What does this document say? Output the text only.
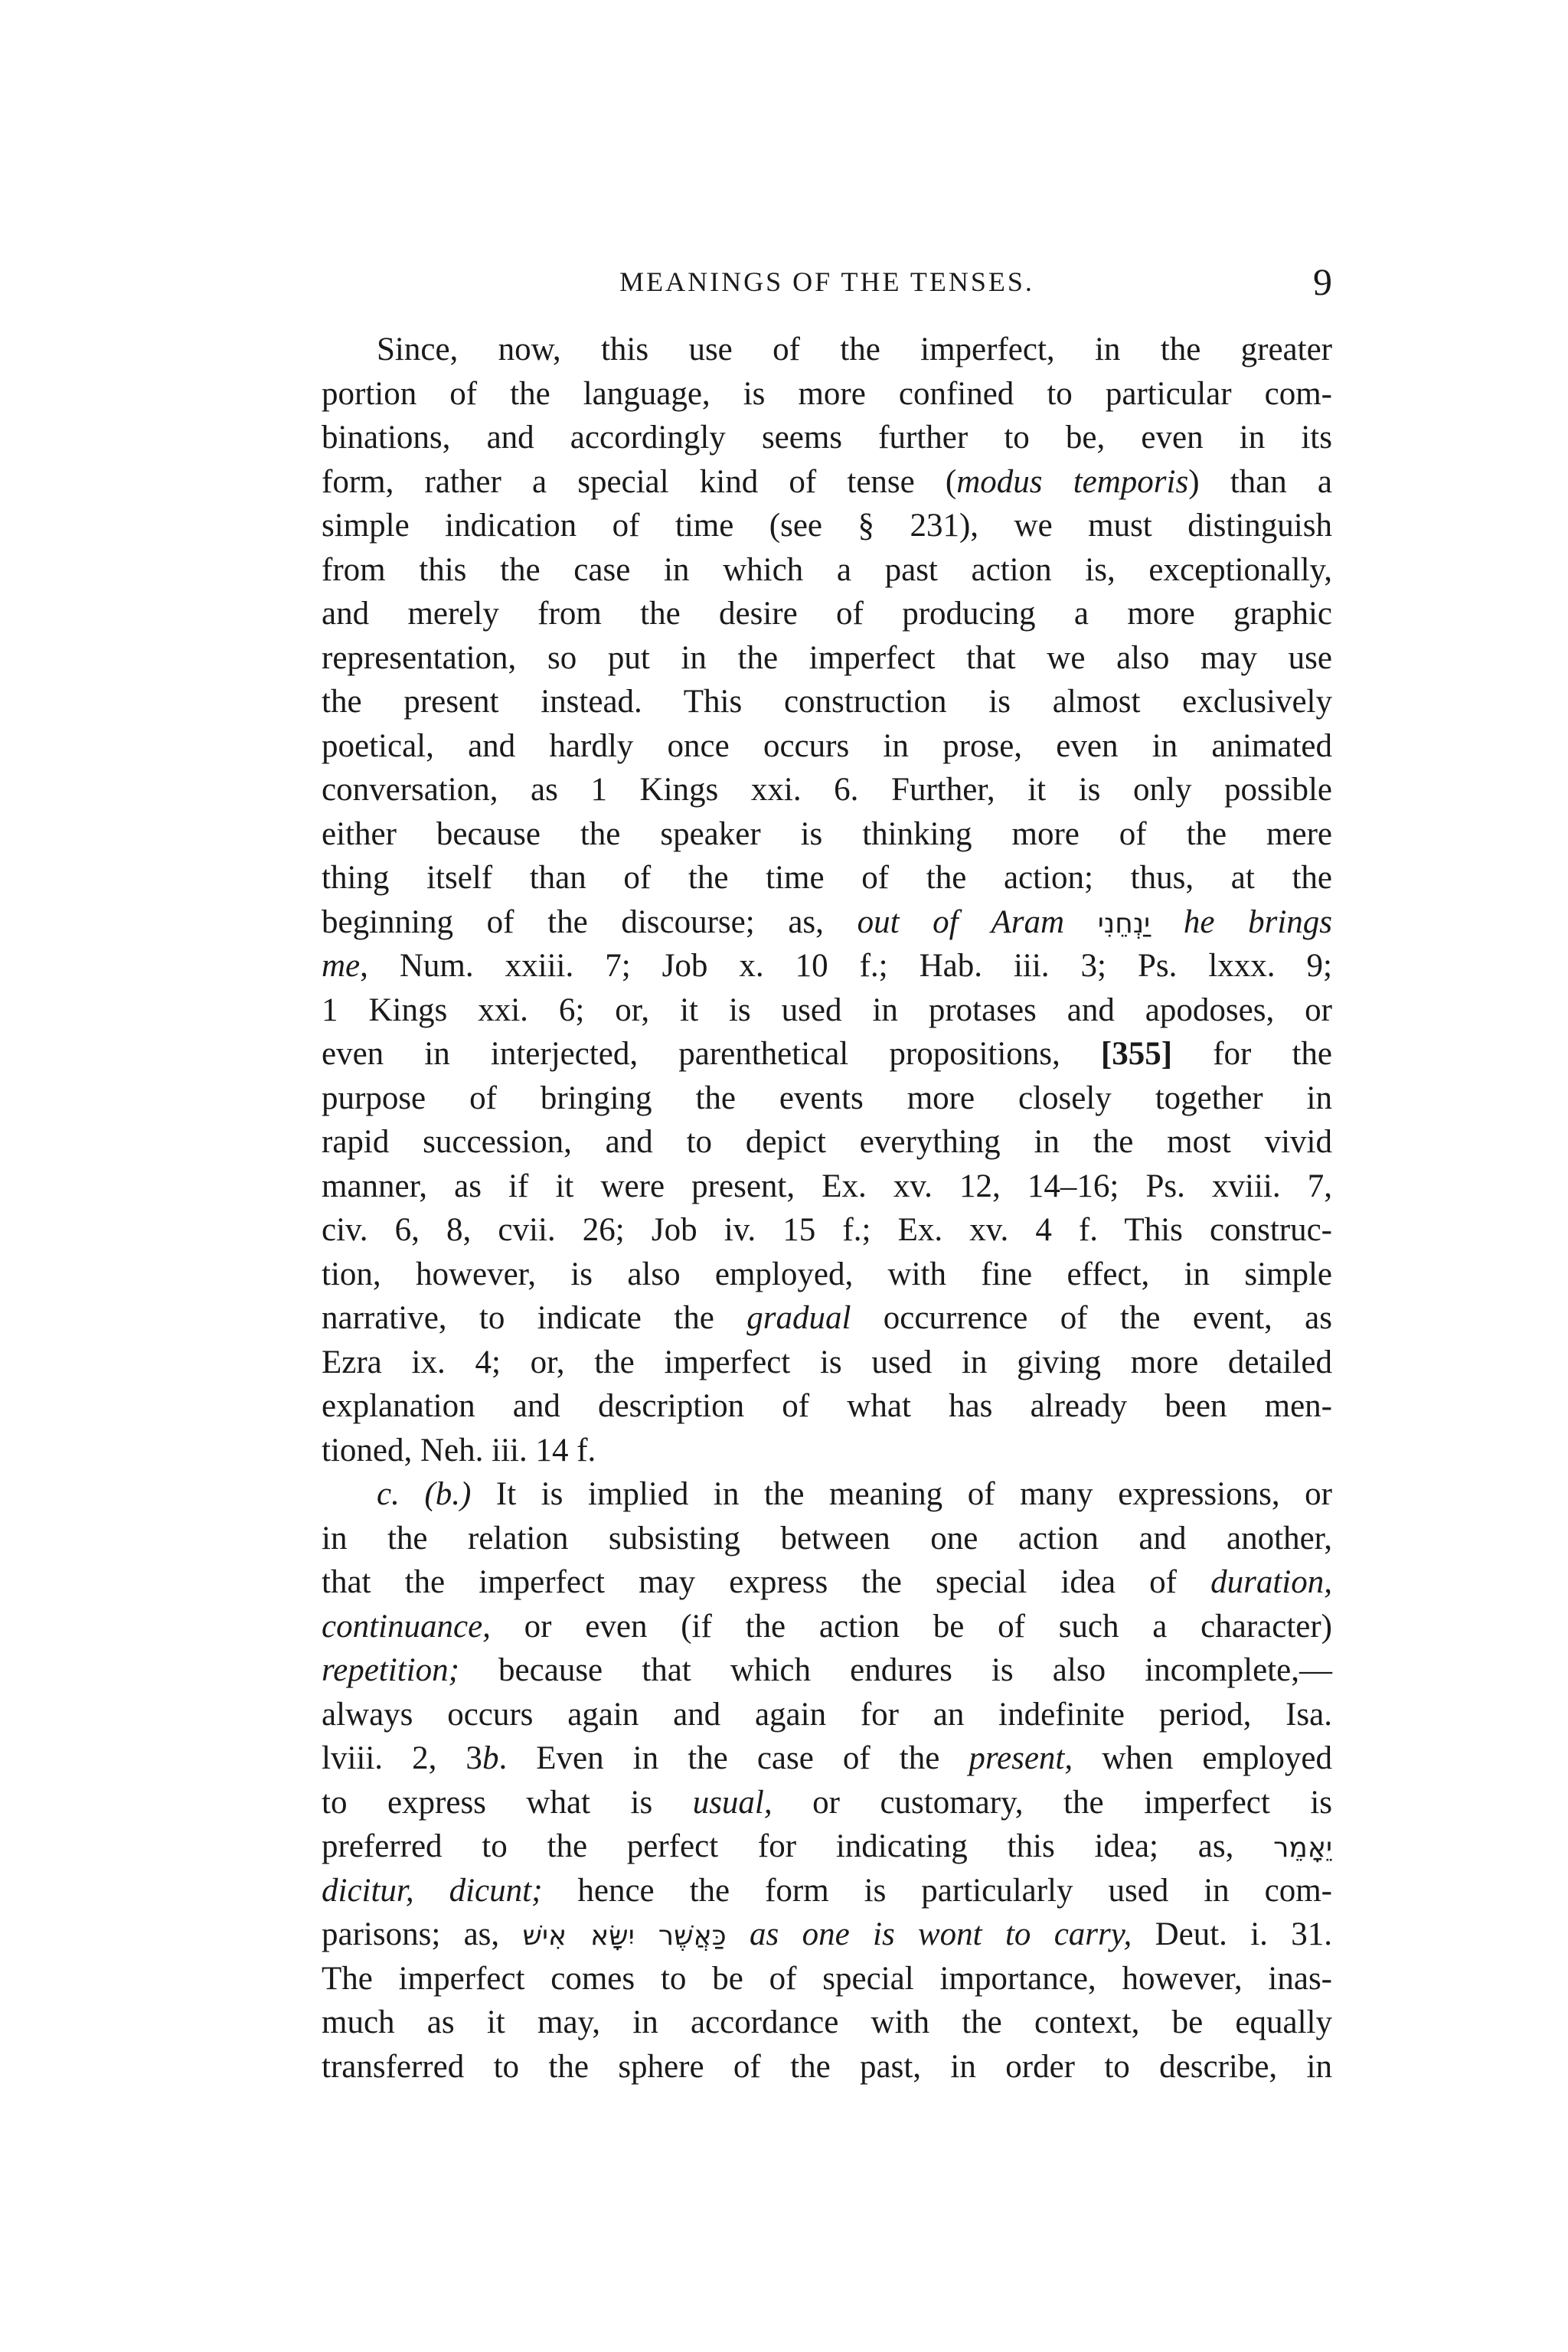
MEANINGS OF THE TENSES.	9
Since, now, this use of the imperfect, in the greater
portion of the language, is more confined to particular com-
binations, and accordingly seems further to be, even in its
form, rather a special kind of tense (modus temporis) than a
simple indication of time (see § 231), we must distinguish
from this the case in which a past action is, exceptionally,
and merely from the desire of producing a more graphic
representation, so put in the imperfect that we also may use
the present instead. This construction is almost exclusively
poetical, and hardly once occurs in prose, even in animated
conversation, as 1 Kings xxi. 6. Further, it is only possible
either because the speaker is thinking more of the mere
thing itself than of the time of the action; thus, at the
beginning of the discourse; as, out of Aram יַנְחֵנִי he brings
me, Num. xxiii. 7; Job x. 10 f.; Hab. iii. 3; Ps. lxxx. 9;
1 Kings xxi. 6; or, it is used in protases and apodoses, or
even in interjected, parenthetical propositions, [355] for the
purpose of bringing the events more closely together in
rapid succession, and to depict everything in the most vivid
manner, as if it were present, Ex. xv. 12, 14–16; Ps. xviii. 7,
civ. 6, 8, cvii. 26; Job iv. 15 f.; Ex. xv. 4 f. This construc-
tion, however, is also employed, with fine effect, in simple
narrative, to indicate the gradual occurrence of the event, as
Ezra ix. 4; or, the imperfect is used in giving more detailed
explanation and description of what has already been men-
tioned, Neh. iii. 14 f.
c. (b.) It is implied in the meaning of many expressions, or
in the relation subsisting between one action and another,
that the imperfect may express the special idea of duration,
continuance, or even (if the action be of such a character)
repetition; because that which endures is also incomplete,—
always occurs again and again for an indefinite period, Isa.
lviii. 2, 3b. Even in the case of the present, when employed
to express what is usual, or customary, the imperfect is
preferred to the perfect for indicating this idea; as, יֵאָמֵר
dicitur, dicunt; hence the form is particularly used in com-
parisons; as, כַּאֲשֶׁר יִשָּׂא אִישׁ as one is wont to carry, Deut. i. 31.
The imperfect comes to be of special importance, however, inas-
much as it may, in accordance with the context, be equally
transferred to the sphere of the past, in order to describe, in
